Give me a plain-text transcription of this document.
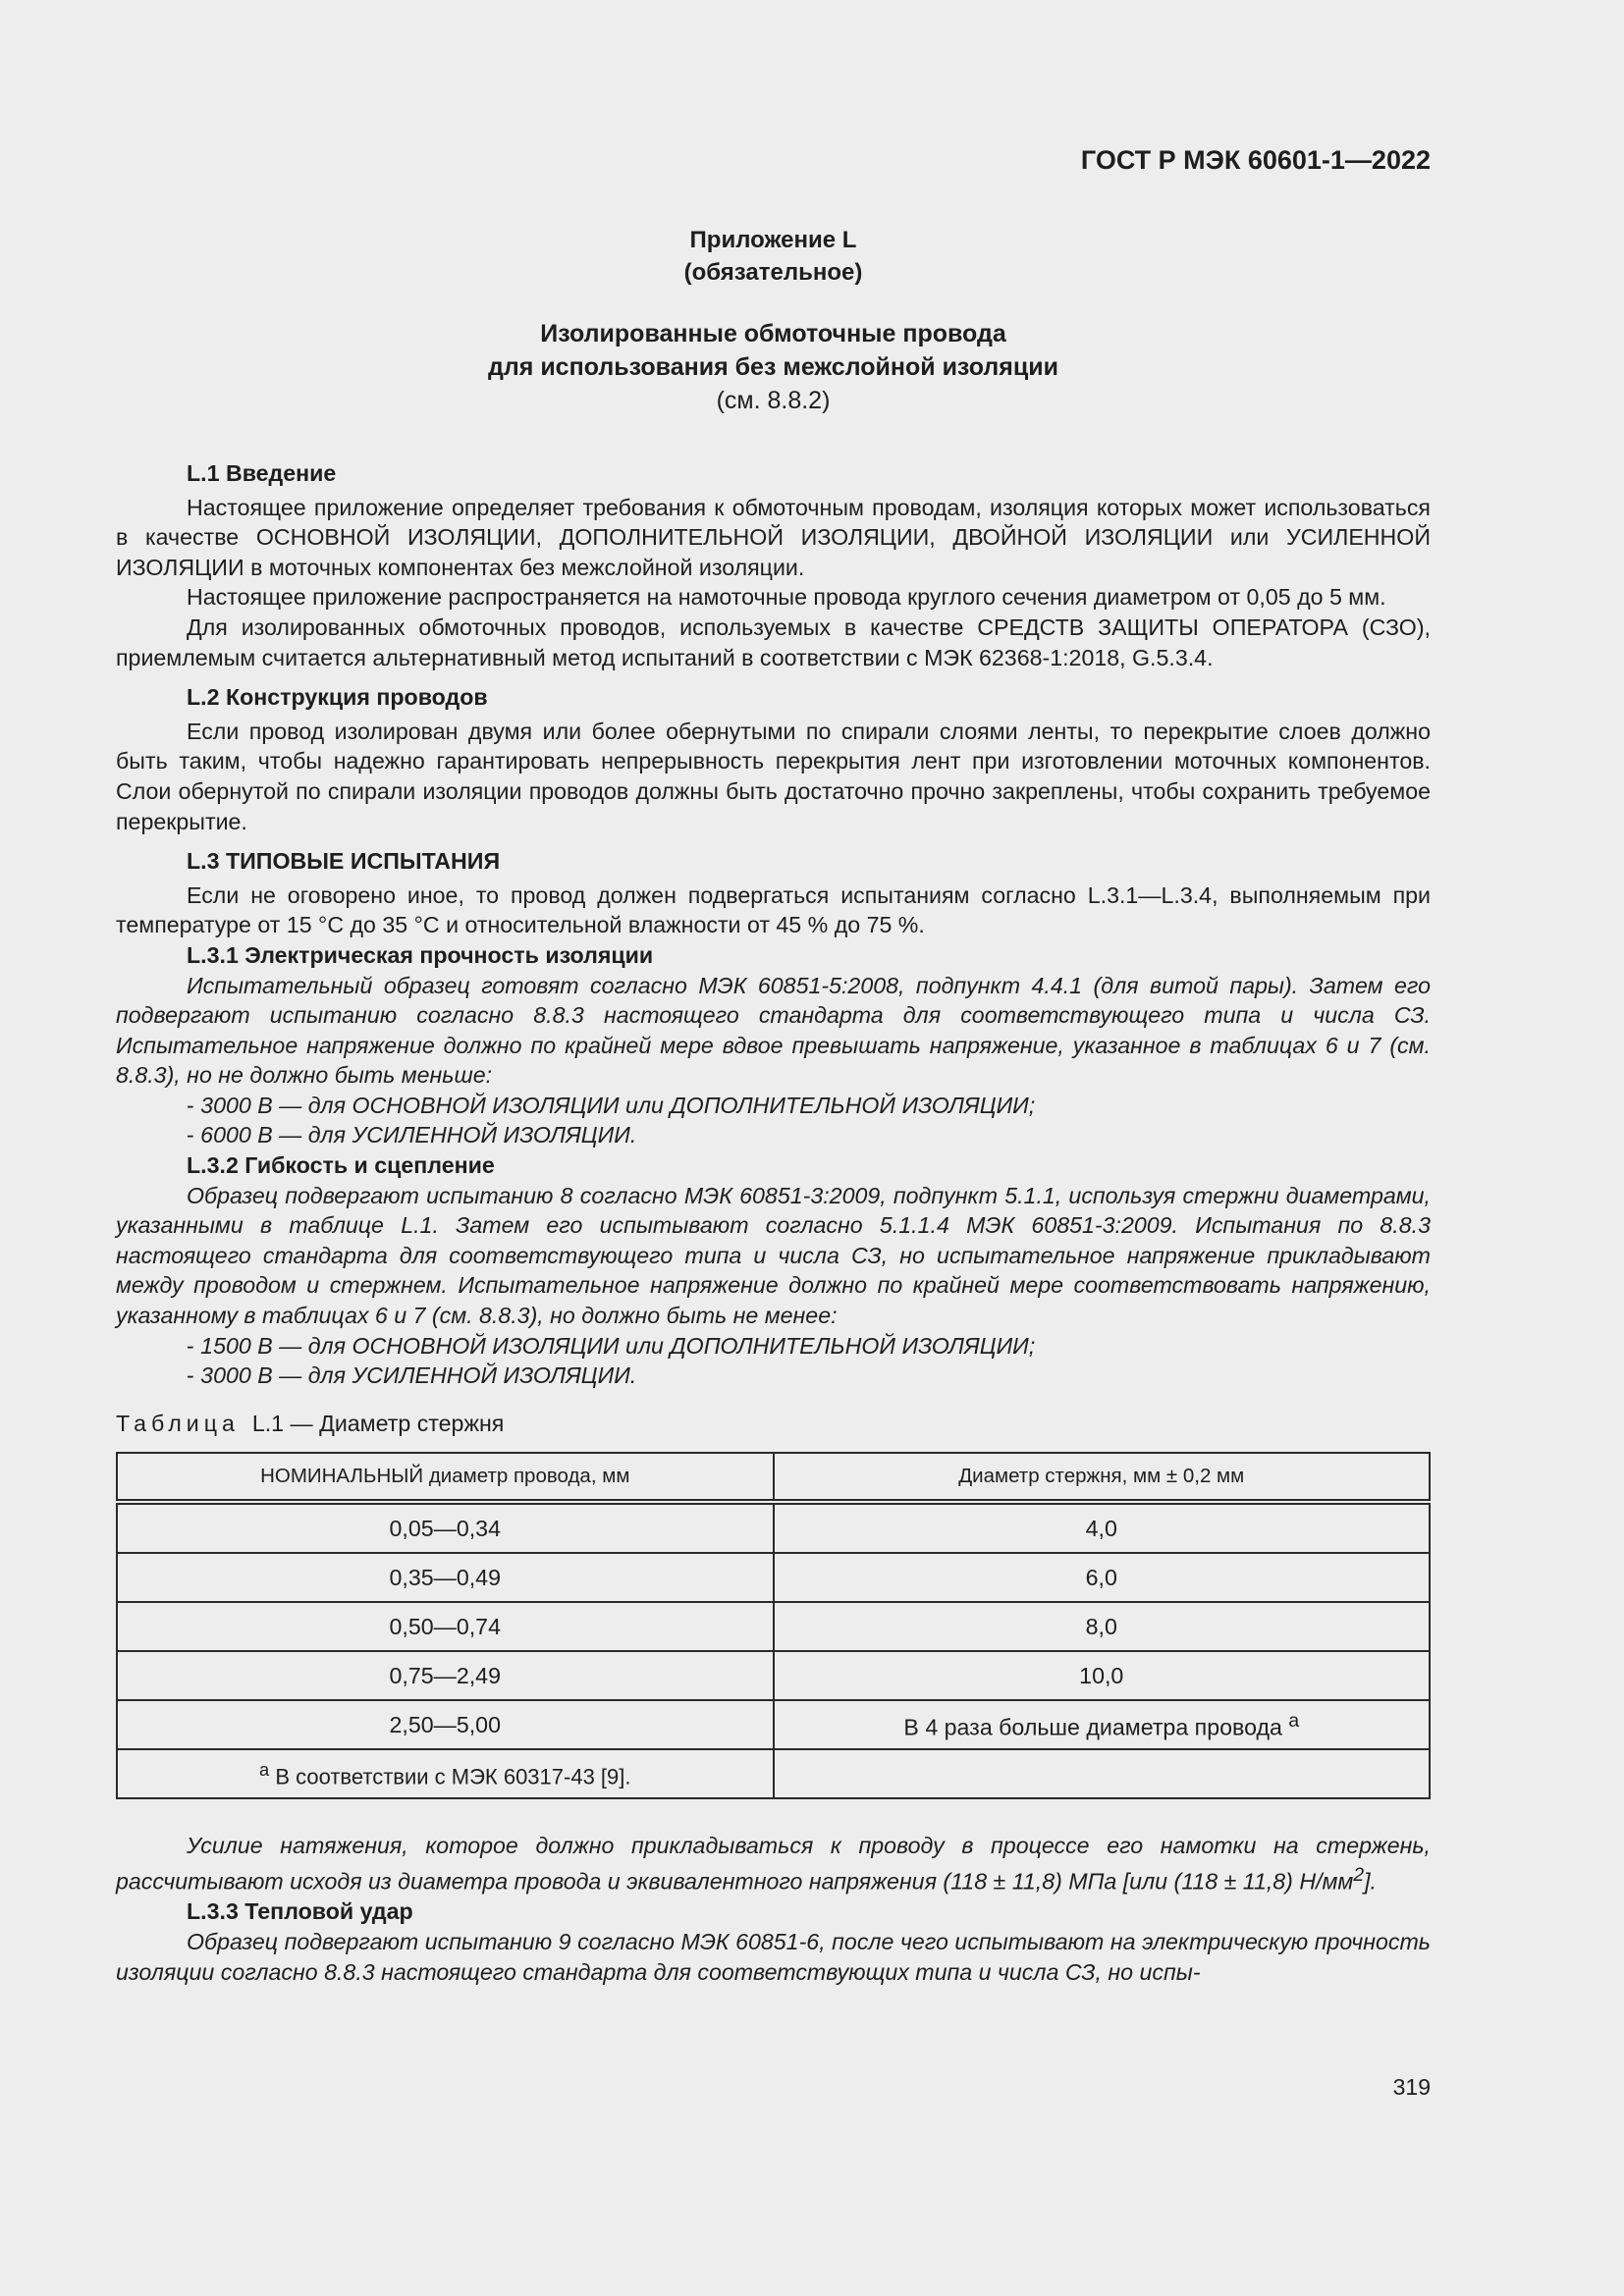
ГОСТ Р МЭК 60601-1—2022
Приложение L
(обязательное)
Изолированные обмоточные провода
для использования без межслойной изоляции
(см. 8.8.2)
L.1 Введение

Настоящее приложение определяет требования к обмоточным проводам, изоляция которых может использоваться в качестве ОСНОВНОЙ ИЗОЛЯЦИИ, ДОПОЛНИТЕЛЬНОЙ ИЗОЛЯЦИИ, ДВОЙНОЙ ИЗОЛЯЦИИ или УСИЛЕННОЙ ИЗОЛЯЦИИ в моточных компонентах без межслойной изоляции.

Настоящее приложение распространяется на намоточные провода круглого сечения диаметром от 0,05 до 5 мм.

Для изолированных обмоточных проводов, используемых в качестве СРЕДСТВ ЗАЩИТЫ ОПЕРАТОРА (СЗО), приемлемым считается альтернативный метод испытаний в соответствии с МЭК 62368-1:2018, G.5.3.4.

L.2 Конструкция проводов

Если провод изолирован двумя или более обернутыми по спирали слоями ленты, то перекрытие слоев должно быть таким, чтобы надежно гарантировать непрерывность перекрытия лент при изготовлении моточных компонентов. Слои обернутой по спирали изоляции проводов должны быть достаточно прочно закреплены, чтобы сохранить требуемое перекрытие.

L.3 ТИПОВЫЕ ИСПЫТАНИЯ

Если не оговорено иное, то провод должен подвергаться испытаниям согласно L.3.1—L.3.4, выполняемым при температуре от 15 °С до 35 °С и относительной влажности от 45 % до 75 %.

L.3.1 Электрическая прочность изоляции

Испытательный образец готовят согласно МЭК 60851-5:2008, подпункт 4.4.1 (для витой пары). Затем его подвергают испытанию согласно 8.8.3 настоящего стандарта для соответствующего типа и числа СЗ. Испытательное напряжение должно по крайней мере вдвое превышать напряжение, указанное в таблицах 6 и 7 (см. 8.8.3), но не должно быть меньше:

- 3000 В — для ОСНОВНОЙ ИЗОЛЯЦИИ или ДОПОЛНИТЕЛЬНОЙ ИЗОЛЯЦИИ;
- 6000 В — для УСИЛЕННОЙ ИЗОЛЯЦИИ.
L.3.2 Гибкость и сцепление

Образец подвергают испытанию 8 согласно МЭК 60851-3:2009, подпункт 5.1.1, используя стержни диаметрами, указанными в таблице L.1. Затем его испытывают согласно 5.1.1.4 МЭК 60851-3:2009. Испытания по 8.8.3 настоящего стандарта для соответствующего типа и числа СЗ, но испытательное напряжение прикладывают между проводом и стержнем. Испытательное напряжение должно по крайней мере соответствовать напряжению, указанному в таблицах 6 и 7 (см. 8.8.3), но должно быть не менее:

- 1500 В — для ОСНОВНОЙ ИЗОЛЯЦИИ или ДОПОЛНИТЕЛЬНОЙ ИЗОЛЯЦИИ;
- 3000 В — для УСИЛЕННОЙ ИЗОЛЯЦИИ.
Таблица L.1 — Диаметр стержня
НОМИНАЛЬНЫЙ диаметр провода, мм	Диаметр стержня, мм ± 0,2 мм
0,05—0,34	4,0
0,35—0,49	6,0
0,50—0,74	8,0
0,75—2,49	10,0
2,50—5,00	В 4 раза больше диаметра провода $^a$
$^a$ В соответствии с МЭК 60317-43 [9].	

Усилие натяжения, которое должно прикладываться к проводу в процессе его намотки на стержень, рассчитывают исходя из диаметра провода и эквивалентного напряжения (118 ± 11,8) МПа [или (118 ± 11,8) $Н/мм^2$].

L.3.3 Тепловой удар

Образец подвергают испытанию 9 согласно МЭК 60851-6, после чего испытывают на электрическую прочность изоляции согласно 8.8.3 настоящего стандарта для соответствующих типа и числа СЗ, но испы-

319
